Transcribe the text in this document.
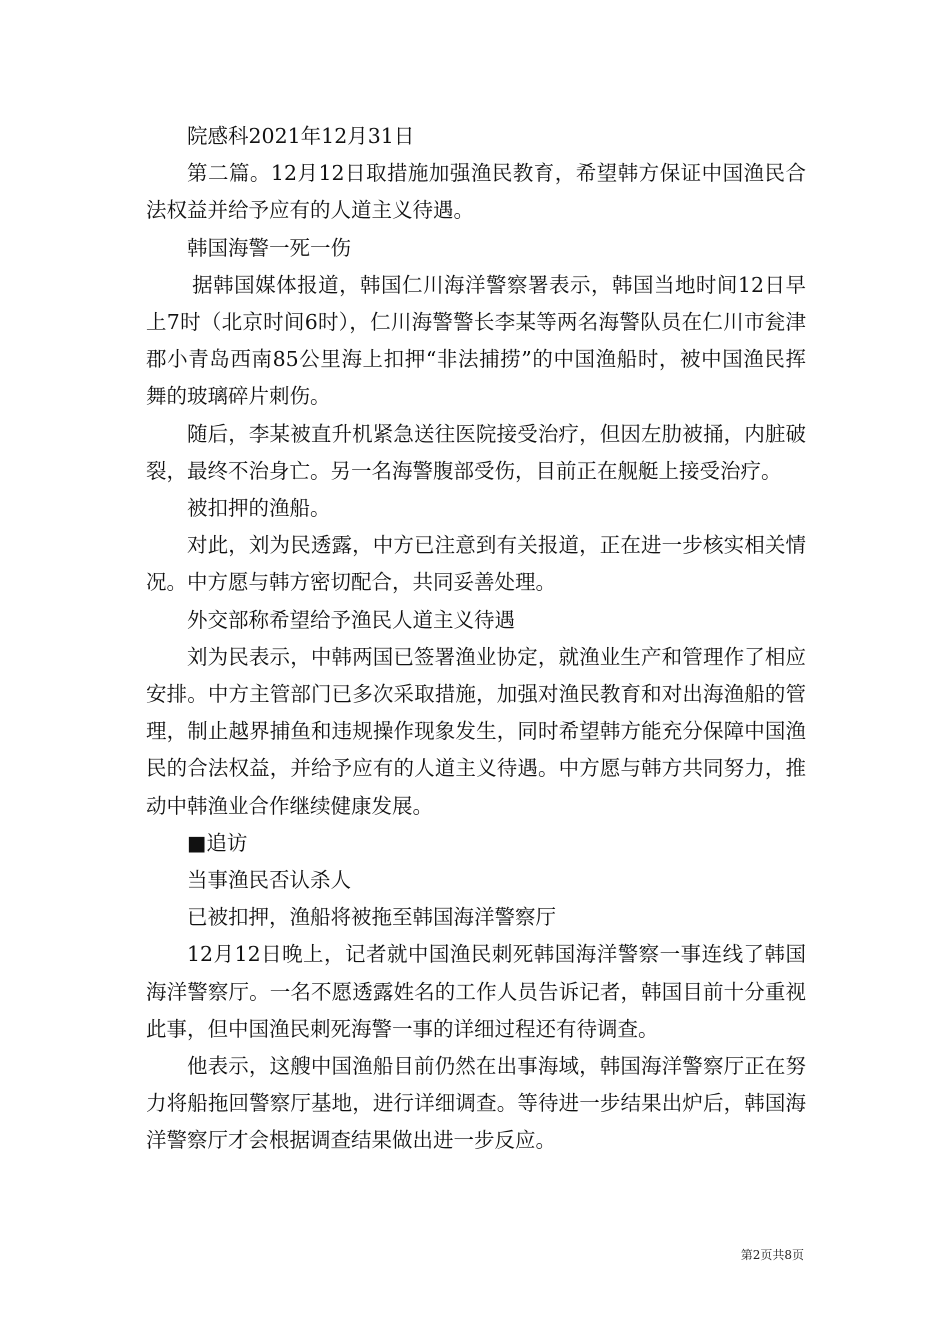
院感科2021年12月31日

第二篇。12月12日取措施加强渔民教育，希望韩方保证中国渔民合法权益并给予应有的人道主义待遇。

韩国海警一死一伤

据韩国媒体报道，韩国仁川海洋警察署表示，韩国当地时间12日早上7时（北京时间6时），仁川海警警长李某等两名海警队员在仁川市瓮津郡小青岛西南85公里海上扣押“非法捕捞”的中国渔船时，被中国渔民挥舞的玻璃碎片刺伤。

随后，李某被直升机紧急送往医院接受治疗，但因左肋被捅，内脏破裂，最终不治身亡。另一名海警腹部受伤，目前正在舰艇上接受治疗。

被扣押的渔船。

对此，刘为民透露，中方已注意到有关报道，正在进一步核实相关情况。中方愿与韩方密切配合，共同妥善处理。

外交部称希望给予渔民人道主义待遇

刘为民表示，中韩两国已签署渔业协定，就渔业生产和管理作了相应安排。中方主管部门已多次采取措施，加强对渔民教育和对出海渔船的管理，制止越界捕鱼和违规操作现象发生，同时希望韩方能充分保障中国渔民的合法权益，并给予应有的人道主义待遇。中方愿与韩方共同努力，推动中韩渔业合作继续健康发展。

■追访

当事渔民否认杀人

已被扣押，渔船将被拖至韩国海洋警察厅

12月12日晚上，记者就中国渔民刺死韩国海洋警察一事连线了韩国海洋警察厅。一名不愿透露姓名的工作人员告诉记者，韩国目前十分重视此事，但中国渔民刺死海警一事的详细过程还有待调查。

他表示，这艘中国渔船目前仍然在出事海域，韩国海洋警察厅正在努力将船拖回警察厅基地，进行详细调查。等待进一步结果出炉后，韩国海洋警察厅才会根据调查结果做出进一步反应。

第2页共8页
